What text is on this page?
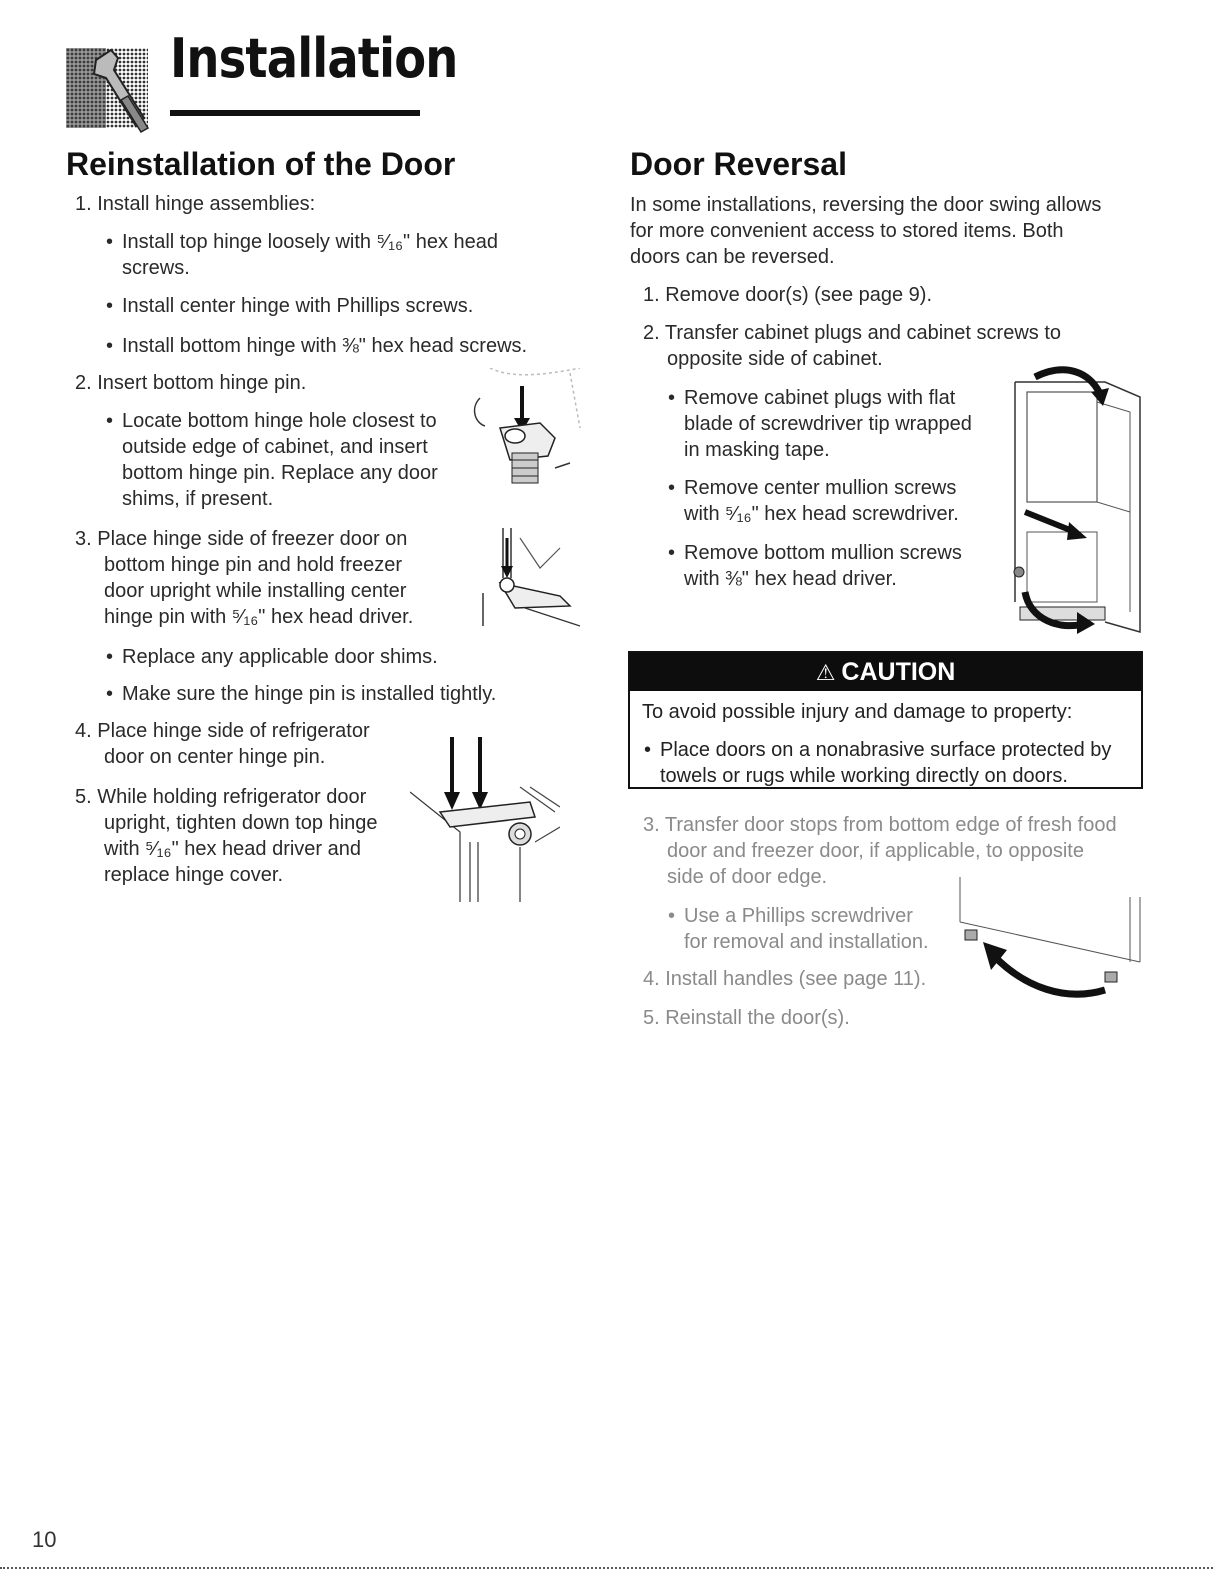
Installation
Reinstallation of the Door
1. Install hinge assemblies:
• Install top hinge loosely with ⁵⁄₁₆" hex head
screws.
• Install center hinge with Phillips screws.
• Install bottom hinge with ⅜" hex head screws.
2. Insert bottom hinge pin.
• Locate bottom hinge hole closest to
outside edge of cabinet, and insert
bottom hinge pin. Replace any door
shims, if present.
3. Place hinge side of freezer door on
bottom hinge pin and hold freezer
door upright while installing center
hinge pin with ⁵⁄₁₆" hex head driver.
• Replace any applicable door shims.
• Make sure the hinge pin is installed tightly.
4. Place hinge side of refrigerator
door on center hinge pin.
5. While holding refrigerator door
upright, tighten down top hinge
with ⁵⁄₁₆" hex head driver and
replace hinge cover.
Door Reversal
In some installations, reversing the door swing allows
for more convenient access to stored items. Both
doors can be reversed.
1. Remove door(s) (see page 9).
2. Transfer cabinet plugs and cabinet screws to
opposite side of cabinet.
• Remove cabinet plugs with flat
blade of screwdriver tip wrapped
in masking tape.
• Remove center mullion screws
with ⁵⁄₁₆" hex head screwdriver.
• Remove bottom mullion screws
with ⅜" hex head driver.
⚠ CAUTION
To avoid possible injury and damage to property:
• Place doors on a nonabrasive surface protected by
towels or rugs while working directly on doors.
3. Transfer door stops from bottom edge of fresh food
door and freezer door, if applicable, to opposite
side of door edge.
• Use a Phillips screwdriver
for removal and installation.
4. Install handles (see page 11).
5. Reinstall the door(s).
10
